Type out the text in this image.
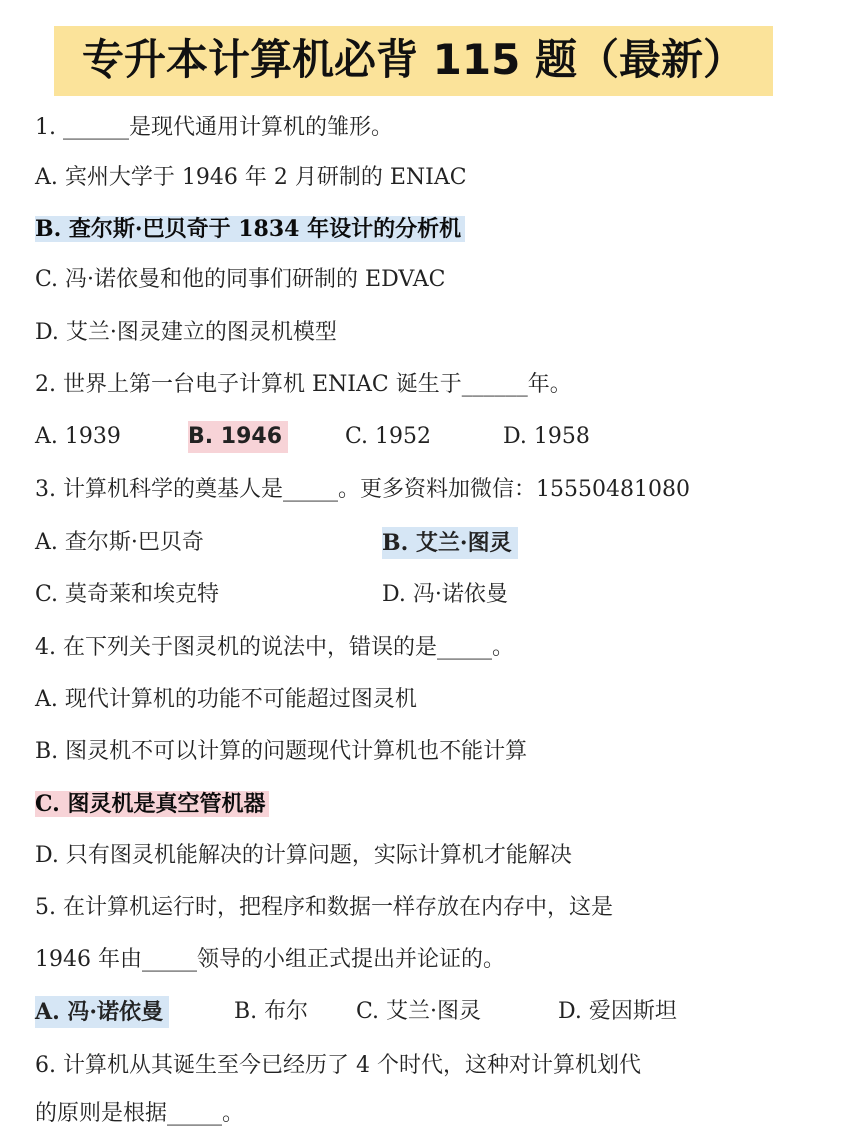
专升本计算机必背 115 题（最新）
1. ______是现代通用计算机的雏形。
A. 宾州大学于 1946 年 2 月研制的 ENIAC
B. 查尔斯·巴贝奇于 1834 年设计的分析机
C. 冯·诺依曼和他的同事们研制的 EDVAC
D. 艾兰·图灵建立的图灵机模型
2. 世界上第一台电子计算机 ENIAC 诞生于______年。
A. 1939	B. 1946	C. 1952	D. 1958
3. 计算机科学的奠基人是_____。更多资料加微信：15550481080
A. 查尔斯·巴贝奇	B. 艾兰·图灵
C. 莫奇莱和埃克特	D. 冯·诺依曼
4. 在下列关于图灵机的说法中，错误的是_____。
A. 现代计算机的功能不可能超过图灵机
B. 图灵机不可以计算的问题现代计算机也不能计算
C. 图灵机是真空管机器
D. 只有图灵机能解决的计算问题，实际计算机才能解决
5. 在计算机运行时，把程序和数据一样存放在内存中，这是
1946 年由_____领导的小组正式提出并论证的。
A. 冯·诺依曼	B. 布尔 C. 艾兰·图灵	D. 爱因斯坦
6. 计算机从其诞生至今已经历了 4 个时代，这种对计算机划代
的原则是根据_____。
